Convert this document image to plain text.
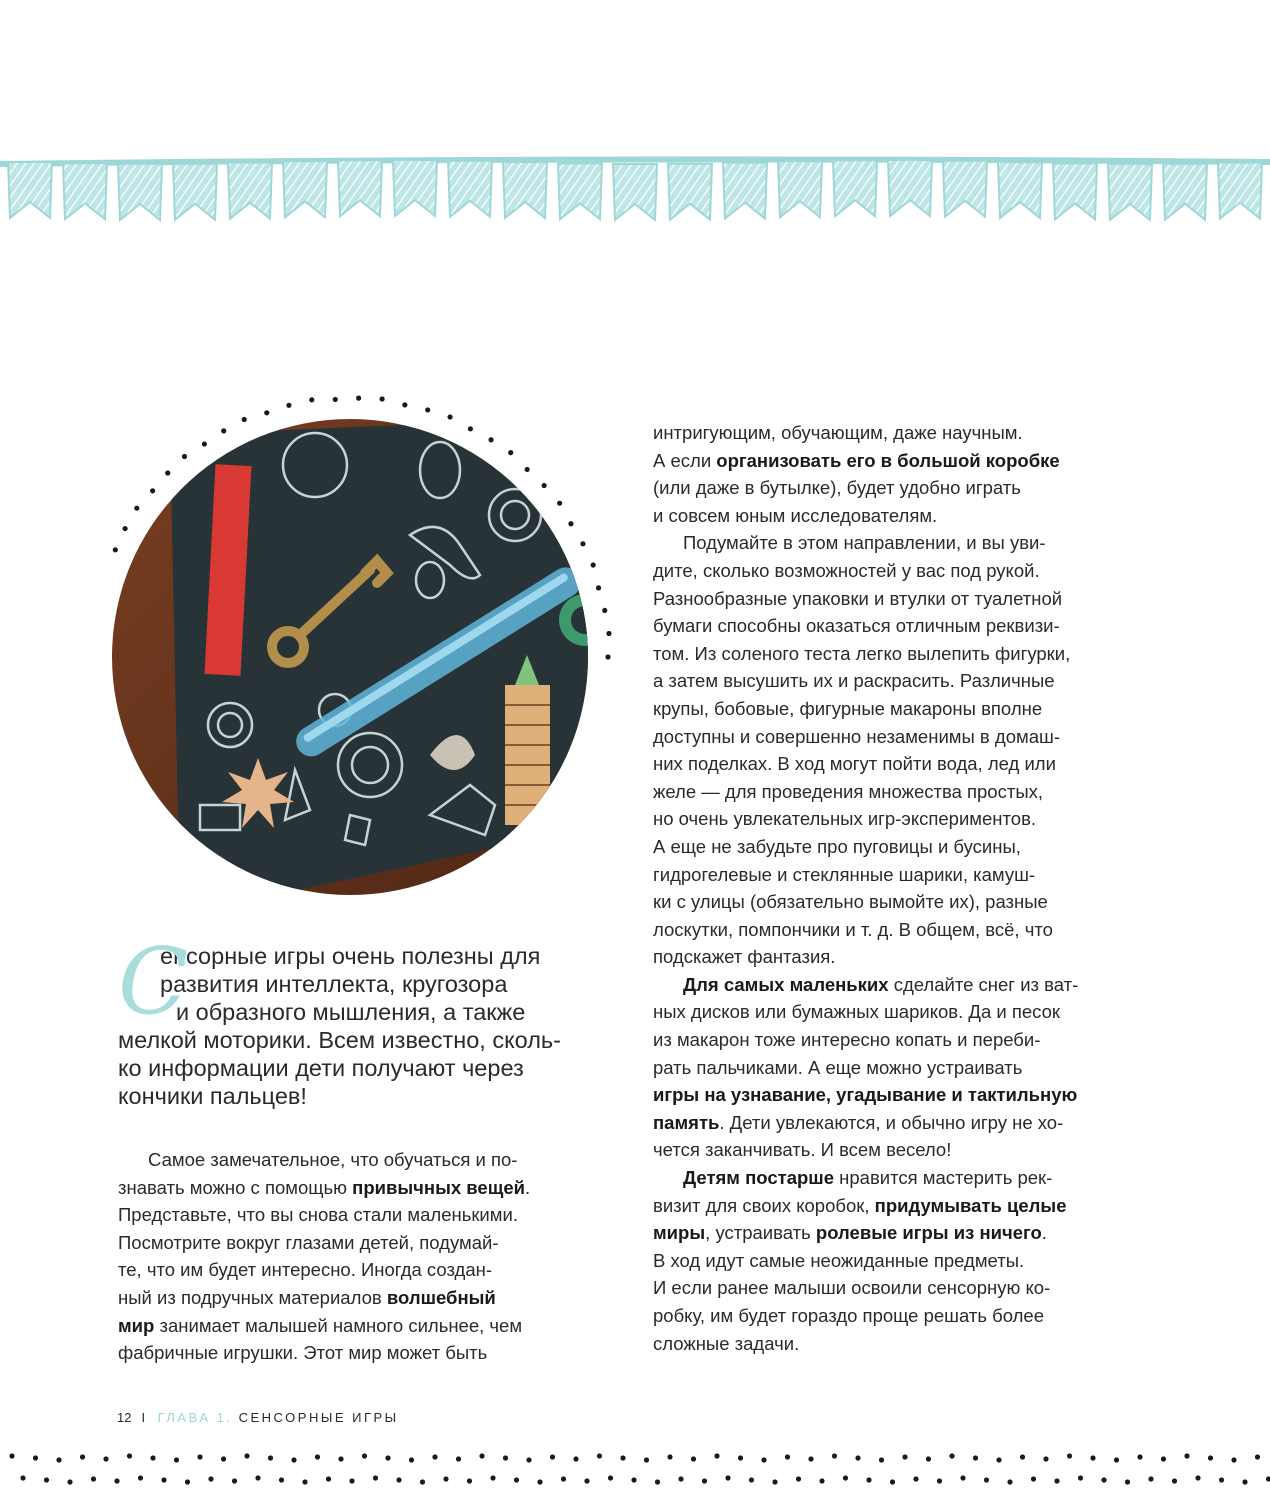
С
енсорные игры очень полезны для
развития интеллекта, кругозора
и образного мышления, а также
мелкой моторики. Всем известно, сколь-
ко информации дети получают через
кончики пальцев!
Самое замечательное, что обучаться и по-
знавать можно с помощью привычных вещей.
Представьте, что вы снова стали маленькими.
Посмотрите вокруг глазами детей, подумай-
те, что им будет интересно. Иногда создан-
ный из подручных материалов волшебный
мир занимает малышей намного сильнее, чем
фабричные игрушки. Этот мир может быть
интригующим, обучающим, даже научным.
А если организовать его в большой коробке
(или даже в бутылке), будет удобно играть
и совсем юным исследователям.
Подумайте в этом направлении, и вы уви-
дите, сколько возможностей у вас под рукой.
Разнообразные упаковки и втулки от туалетной
бумаги способны оказаться отличным реквизи-
том. Из соленого теста легко вылепить фигурки,
а затем высушить их и раскрасить. Различные
крупы, бобовые, фигурные макароны вполне
доступны и совершенно незаменимы в домаш-
них поделках. В ход могут пойти вода, лед или
желе — для проведения множества простых,
но очень увлекательных игр-экспериментов.
А еще не забудьте про пуговицы и бусины,
гидрогелевые и стеклянные шарики, камуш-
ки с улицы (обязательно вымойте их), разные
лоскутки, помпончики и т. д. В общем, всё, что
подскажет фантазия.
Для самых маленьких сделайте снег из ват-
ных дисков или бумажных шариков. Да и песок
из макарон тоже интересно копать и переби-
рать пальчиками. А еще можно устраивать
игры на узнавание, угадывание и тактильную
память. Дети увлекаются, и обычно игру не хо-
чется заканчивать. И всем весело!
Детям постарше нравится мастерить рек-
визит для своих коробок, придумывать целые
миры, устраивать ролевые игры из ничего.
В ход идут самые неожиданные предметы.
И если ранее малыши освоили сенсорную ко-
робку, им будет гораздо проще решать более
сложные задачи.
12 I ГЛАВА 1. СЕНСОРНЫЕ ИГРЫ
